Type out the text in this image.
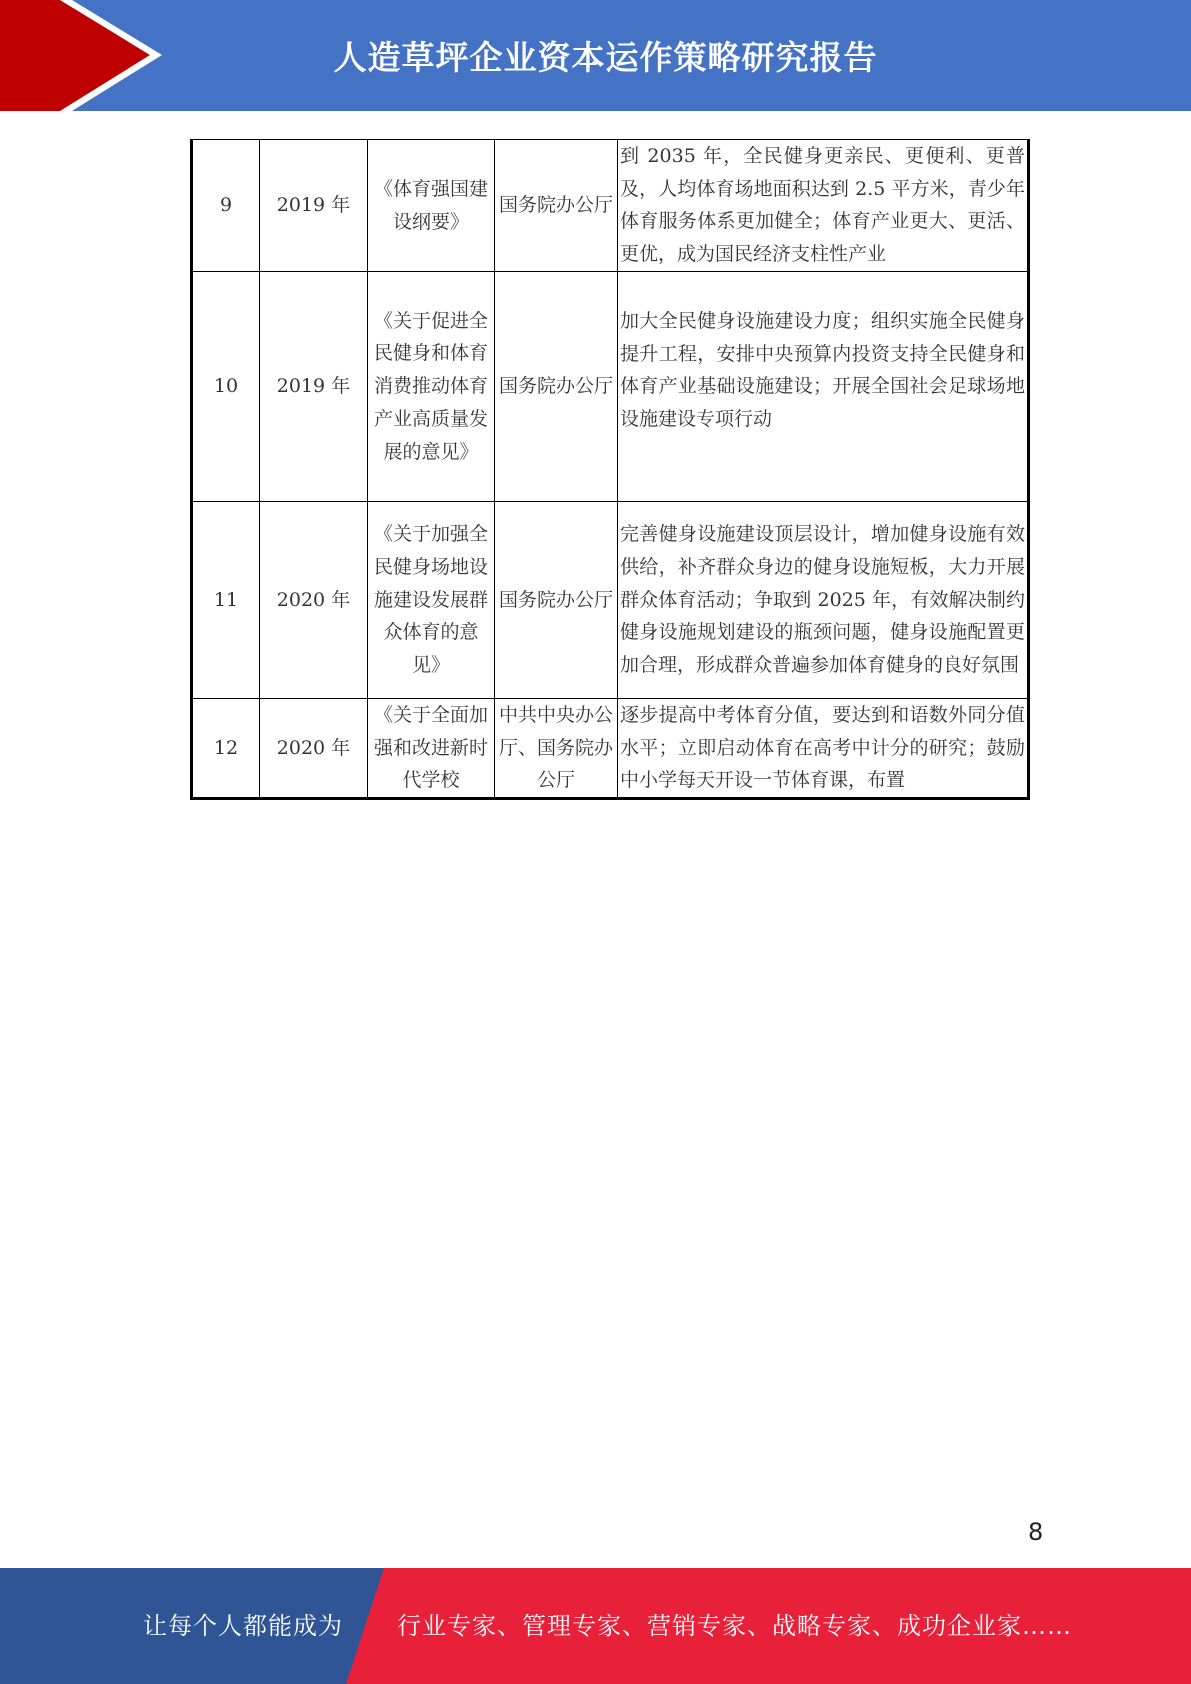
人造草坪企业资本运作策略研究报告
9	2019 年	《体育强国建设纲要》	国务院办公厅	到 2035 年，全民健身更亲民、更便利、更普及，人均体育场地面积达到 2.5 平方米，青少年体育服务体系更加健全；体育产业更大、更活、更优，成为国民经济支柱性产业
10	2019 年	《关于促进全民健身和体育消费推动体育产业高质量发展的意见》	国务院办公厅	加大全民健身设施建设力度；组织实施全民健身提升工程，安排中央预算内投资支持全民健身和体育产业基础设施建设；开展全国社会足球场地设施建设专项行动
11	2020 年	《关于加强全民健身场地设施建设发展群众体育的意见》	国务院办公厅	完善健身设施建设顶层设计，增加健身设施有效供给，补齐群众身边的健身设施短板，大力开展群众体育活动；争取到 2025 年，有效解决制约健身设施规划建设的瓶颈问题，健身设施配置更加合理，形成群众普遍参加体育健身的良好氛围
12	2020 年	《关于全面加强和改进新时代学校	中共中央办公厅、国务院办公厅	逐步提高中考体育分值，要达到和语数外同分值水平；立即启动体育在高考中计分的研究；鼓励中小学每天开设一节体育课，布置
8
让每个人都能成为 行业专家、管理专家、营销专家、战略专家、成功企业家……
